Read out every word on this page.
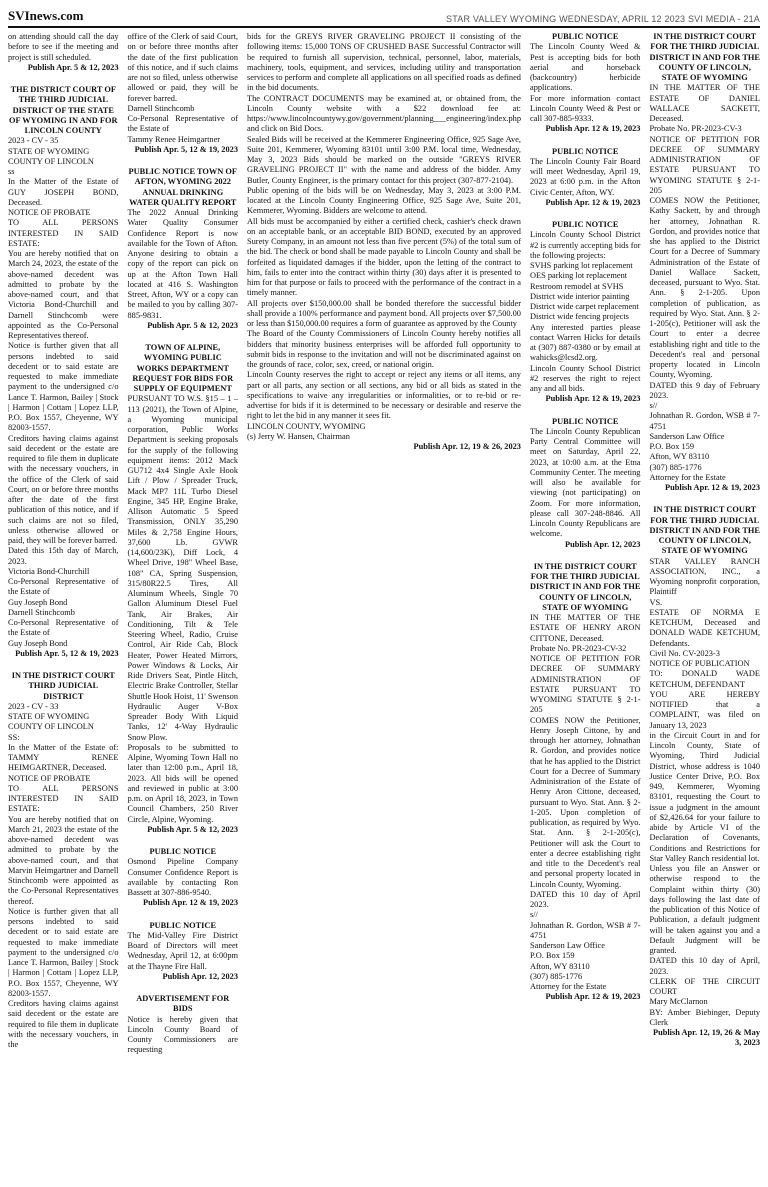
SVInews.com	STAR VALLEY WYOMING WEDNESDAY, APRIL 12 2023 SVI MEDIA - 21A

on attending should call the day before to see if the meeting and project is still scheduled.

Publish Apr. 5 & 12, 2023

THE DISTRICT COURT OF THE THIRD JUDICIAL DISTRICT OF THE STATE OF WYOMING IN AND FOR LINCOLN COUNTY

2023 - CV - 35

STATE OF WYOMING

COUNTY OF LINCOLN

ss

In the Matter of the Estate of GUY JOSEPH BOND, Deceased.

NOTICE OF PROBATE

TO ALL PERSONS INTERESTED IN SAID ESTATE:

You are hereby notified that on March 24, 2023, the estate of the above-named decedent was admitted to probate by the above-named court, and that Victoria Bond-Churchill and Darnell Stinchcomb were appointed as the Co-Personal Representatives thereof.

Notice is further given that all persons indebted to said decedent or to said estate are requested to make immediate payment to the undersigned c/o Lance T. Harmon, Bailey | Stock | Harmon | Cottam | Lopez LLP, P.O. Box 1557, Cheyenne, WY 82003-1557.

Creditors having claims against said decedent or the estate are required to file them in duplicate with the necessary vouchers, in the office of the Clerk of said Court, on or before three months after the date of the first publication of this notice, and if such claims are not so filed, unless otherwise allowed or paid, they will be forever barred.

Dated this 15th day of March, 2023.

Victoria Bond-Churchill

Co-Personal Representative of the Estate of

Guy Joseph Bond

Darnell Stinchcomb

Co-Personal Representative of the Estate of

Guy Joseph Bond

Publish Apr. 5, 12 & 19, 2023

IN THE DISTRICT COURT THIRD JUDICIAL DISTRICT

2023 - CV - 33

STATE OF WYOMING

COUNTY OF LINCOLN

SS:

In the Matter of the Estate of: TAMMY RENEE HEIMGARTNER, Deceased.

NOTICE OF PROBATE

TO ALL PERSONS INTERESTED IN SAID ESTATE:

You are hereby notified that on March 21, 2023 the estate of the above-named decedent was admitted to probate by the above-named court, and that Marvin Heimgartner and Darnell Stinchcomb were appointed as the Co-Personal Representatives thereof.

Notice is further given that all persons indebted to said decedent or to said estate are requested to make immediate payment to the undersigned c/o Lance T. Harmon, Bailey | Stock | Harmon | Cottam | Lopez LLP, P.O. Box 1557, Cheyenne, WY 82003-1557.

Creditors having claims against said decedent or the estate are required to file them in duplicate with the necessary vouchers, in the

office of the Clerk of said Court, on or before three months after the date of the first publication of this notice, and if such claims are not so filed, unless otherwise allowed or paid, they will be forever barred.

Darnell Stinchcomb

Co-Personal Representative of the Estate of

Tammy Renee Heimgartner

Publish Apr. 5, 12 & 19, 2023

PUBLIC NOTICE TOWN OF AFTON, WYOMING 2022 ANNUAL DRINKING WATER QUALITY REPORT

The 2022 Annual Drinking Water Quality Consumer Confidence Report is now available for the Town of Afton. Anyone desiring to obtain a copy of the report can pick on up at the Afton Town Hall located at 416 S. Washington Street, Afton, WY or a copy can be mailed to you by calling 307-885-9831.

Publish Apr. 5 & 12, 2023

TOWN OF ALPINE, WYOMING PUBLIC WORKS DEPARTMENT REQUEST FOR BIDS FOR SUPPLY OF EQUIPMENT

PURSUANT TO W.S. §15 – 1 – 113 (2021), the Town of Alpine, a Wyoming municipal corporation, Public Works Department is seeking proposals for the supply of the following equipment items: 2012 Mack GU712 4x4 Single Axle Hook Lift / Plow / Spreader Truck, Mack MP7 11L Turbo Diesel Engine, 345 HP, Engine Brake, Allison Automatic 5 Speed Transmission, ONLY 35,290 Miles & 2,758 Engine Hours, 37,600 Lb. GVWR (14,600/23K), Diff Lock, 4 Wheel Drive, 198" Wheel Base, 108" CA, Spring Suspension, 315/80R22.5 Tires, All Aluminum Wheels, Single 70 Gallon Aluminum Diesel Fuel Tank, Air Brakes, Air Conditioning, Tilt & Tele Steering Wheel, Radio, Cruise Control, Air Ride Cab, Block Heater, Power Heated Mirrors, Power Windows & Locks, Air Ride Drivers Seat, Pintle Hitch, Electric Brake Controller, Stellar Shuttle Hook Hoist, 11' Swenson Hydraulic Auger V-Box Spreader Body With Liquid Tanks, 12' 4-Way Hydraulic Snow Plow.

Proposals to be submitted to Alpine, Wyoming Town Hall no later than 12:00 p.m., April 18, 2023. All bids will be opened and reviewed in public at 3:00 p.m. on April 18, 2023, in Town Council Chambers, 250 River Circle, Alpine, Wyoming.

Publish Apr. 5 & 12, 2023

PUBLIC NOTICE

Osmond Pipeline Company Consumer Confidence Report is available by contacting Ron Bassett at 307-886-9540.

Publish Apr. 12 & 19, 2023

PUBLIC NOTICE

The Mid-Valley Fire District Board of Directors will meet Wednesday, April 12, at 6:00pm at the Thayne Fire Hall.

Publish Apr. 12, 2023

ADVERTISEMENT FOR BIDS

Notice is hereby given that Lincoln County Board of County Commissioners are requesting

bids for the GREYS RIVER GRAVELING PROJECT II consisting of the following items: 15,000 TONS OF CRUSHED BASE Successful Contractor will be required to furnish all supervision, technical, personnel, labor, materials, machinery, tools, equipment, and services, including utility and transportation services to perform and complete all applications on all specified roads as defined in the bid documents.

The CONTRACT DOCUMENTS may be examined at, or obtained from, the Lincoln County website with a $22 download fee at: https://www.lincolncountywy.gov/government/planning___engineering/index.php and click on Bid Docs.

Sealed Bids will be received at the Kemmerer Engineering Office, 925 Sage Ave, Suite 201, Kemmerer, Wyoming 83101 until 3:00 P.M. local time, Wednesday, May 3, 2023 Bids should be marked on the outside "GREYS RIVER GRAVELING PROJECT II" with the name and address of the bidder. Amy Butler, County Engineer, is the primary contact for this project (307-877-2104).

Public opening of the bids will be on Wednesday, May 3, 2023 at 3:00 P.M. located at the Lincoln County Engineering Office, 925 Sage Ave, Suite 201, Kemmerer, Wyoming. Bidders are welcome to attend.

All bids must be accompanied by either a certified check, cashier's check drawn on an acceptable bank, or an acceptable BID BOND, executed by an approved Surety Company, in an amount not less than five percent (5%) of the total sum of the bid. The check or bond shall be made payable to Lincoln County and shall be forfeited as liquidated damages if the bidder, upon the letting of the contract to him, fails to enter into the contract within thirty (30) days after it is presented to him for that purpose or fails to proceed with the performance of the contract in a timely manner.

All projects over $150,000.00 shall be bonded therefore the successful bidder shall provide a 100% performance and payment bond. All projects over $7,500.00 or less than $150,000.00 requires a form of guarantee as approved by the County

The Board of the County Commissioners of Lincoln County hereby notifies all bidders that minority business enterprises will be afforded full opportunity to submit bids in response to the invitation and will not be discriminated against on the grounds of race, color, sex, creed, or national origin.

Lincoln County reserves the right to accept or reject any items or all items, any part or all parts, any section or all sections, any bid or all bids as stated in the specifications to waive any irregularities or informalities, or to re-bid or re-advertise for bids if it is determined to be necessary or desirable and reserve the right to let the bid in any manner it sees fit.

LINCOLN COUNTY, WYOMING

(s) Jerry W. Hansen, Chairman

Publish Apr. 12, 19 & 26, 2023

PUBLIC NOTICE

The Lincoln County Weed & Pest is accepting bids for both aerial and horseback (backcountry) herbicide applications.

For more information contact Lincoln County Weed & Pest or call 307-885-9333.

Publish Apr. 12 & 19, 2023

PUBLIC NOTICE

The Lincoln County Fair Board will meet Wednesday, April 19, 2023 at 6:00 p.m. in the Afton Civic Center, Afton, WY.

Publish Apr. 12 & 19, 2023

PUBLIC NOTICE

Lincoln County School District #2 is currently accepting bids for the following projects:

SVHS parking lot replacement

OES parking lot replacement

Restroom remodel at SVHS

District wide interior painting

District wide carpet replacement

District wide fencing projects

Any interested parties please contact Warren Hicks for details at (307) 887-0380 or by email at wahicks@lcsd2.org.

Lincoln County School District #2 reserves the right to reject any and all bids.

Publish Apr. 12 & 19, 2023

PUBLIC NOTICE

The Lincoln County Republican Party Central Committee will meet on Saturday, April 22, 2023, at 10:00 a.m. at the Etna Community Center. The meeting will also be available for viewing (not participating) on Zoom. For more information, please call 307-248-8846. All Lincoln County Republicans are welcome.

Publish Apr. 12, 2023

IN THE DISTRICT COURT FOR THE THIRD JUDICIAL DISTRICT IN AND FOR THE COUNTY OF LINCOLN, STATE OF WYOMING

IN THE MATTER OF THE ESTATE OF HENRY ARON CITTONE, Deceased.

Probate No. PR-2023-CV-32

NOTICE OF PETITION FOR DECREE OF SUMMARY ADMINISTRATION OF ESTATE PURSUANT TO WYOMING STATUTE § 2-1-205

COMES NOW the Petitioner, Henry Joseph Cittone, by and through her attorney, Johnathan R. Gordon, and provides notice that he has applied to the District Court for a Decree of Summary Administration of the Estate of Henry Aron Cittone, deceased, pursuant to Wyo. Stat. Ann. § 2-1-205. Upon completion of publication, as required by Wyo. Stat. Ann. § 2-1-205(c), Petitioner will ask the Court to enter a decree establishing right and title to the Decedent's real and personal property located in Lincoln County, Wyoming.

DATED this 10 day of April 2023.

s//

Johnathan R. Gordon, WSB # 7-4751

Sanderson Law Office

P.O. Box 159

Afton, WY 83110

(307) 885-1776

Attorney for the Estate

Publish Apr. 12 & 19, 2023

IN THE DISTRICT COURT FOR THE THIRD JUDICIAL DISTRICT IN AND FOR THE COUNTY OF LINCOLN, STATE OF WYOMING

IN THE MATTER OF THE ESTATE OF DANIEL WALLACE SACKETT, Deceased.

Probate No. PR-2023-CV-3

NOTICE OF PETITION FOR DECREE OF SUMMARY ADMINISTRATION OF ESTATE PURSUANT TO WYOMING STATUTE § 2-1-205

COMES NOW the Petitioner, Kathy Sackett, by and through her attorney, Johnathan R. Gordon, and provides notice that she has applied to the District Court for a Decree of Summary Administration of the Estate of Daniel Wallace Sackett, deceased, pursuant to Wyo. Stat. Ann. § 2-1-205. Upon completion of publication, as required by Wyo. Stat. Ann. § 2-1-205(c), Petitioner will ask the Court to enter a decree establishing right and title to the Decedent's real and personal property located in Lincoln County, Wyoming.

DATED this 9 day of February 2023.

s//

Johnathan R. Gordon, WSB # 7-4751

Sanderson Law Office

P.O. Box 159

Afton, WY 83110

(307) 885-1776

Attorney for the Estate

Publish Apr. 12 & 19, 2023

IN THE DISTRICT COURT FOR THE THIRD JUDICIAL DISTRICT IN AND FOR THE COUNTY OF LINCOLN, STATE OF WYOMING

STAR VALLEY RANCH ASSOCIATION, INC., a Wyoming nonprofit corporation, Plaintiff

VS.

ESTATE OF NORMA E KETCHUM, Deceased and DONALD WADE KETCHUM, Defendants.

Civil No. CV-2023-3

NOTICE OF PUBLICATION

TO: DONALD WADE KETCHUM, DEFENDANT

YOU ARE HEREBY NOTIFIED that a COMPLAINT, was filed on January 13, 2023

in the Circuit Court in and for Lincoln County, State of Wyoming, Third Judicial District, whose address is 1040 Justice Center Drive, P.O. Box 949, Kemmerer, Wyoming 83101, requesting the Court to issue a judgment in the amount of $2,426.64 for your failure to abide by Article VI of the Declaration of Covenants, Conditions and Restrictions for Star Valley Ranch residential lot.

Unless you file an Answer or otherwise respond to the Complaint within thirty (30) days following the last date of the publication of this Notice of Publication, a default judgment will be taken against you and a Default Judgment will be granted.

DATED this 10 day of April, 2023.

CLERK OF THE CIRCUIT COURT

Mary McClarnon

BY: Amber Biebinger, Deputy Clerk

Publish Apr. 12, 19, 26 & May 3, 2023
